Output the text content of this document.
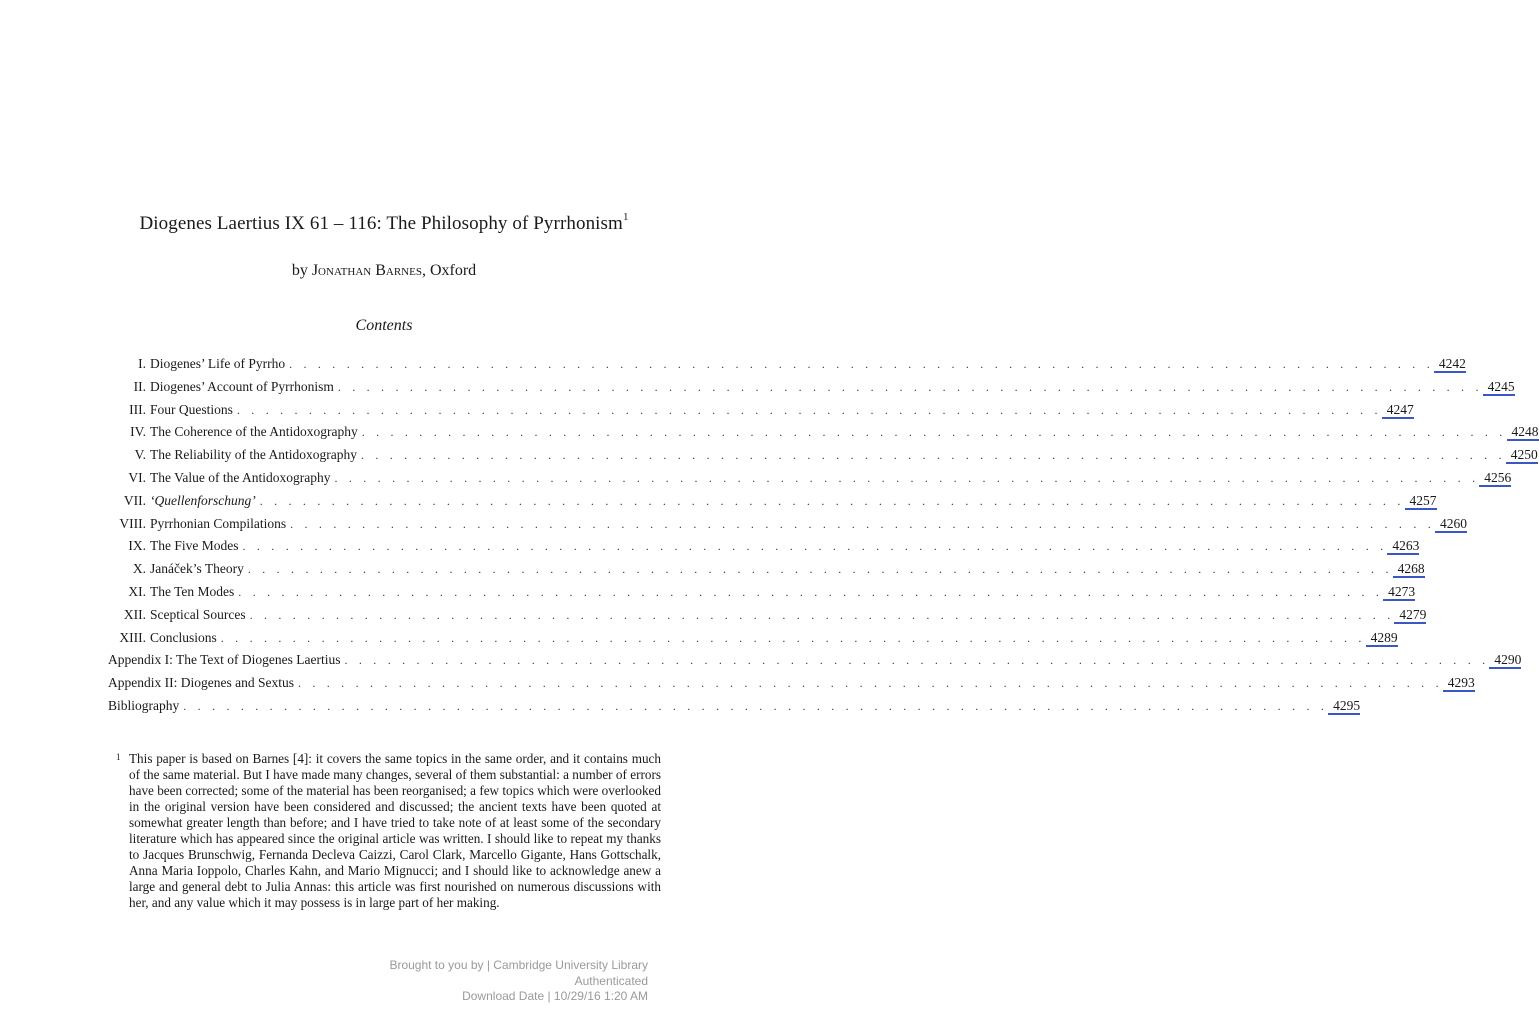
Diogenes Laertius IX 61 – 116: The Philosophy of Pyrrhonism$^1$
by Jonathan Barnes, Oxford
Contents
I. Diogenes’ Life of Pyrrho . . . . . . . . . . . . . . . . . . . . . . . . . . . . . . . . . . . . . . . . . . . . . . . . . . . . . . . . . . . . . . . . . . . . . . . . . . . . . . . . 4242
II. Diogenes’ Account of Pyrrhonism . . . . . . . . . . . . . . . . . . . . . . . . . . . . . . . . . . . . . . . . . . . . . . . . . . . . . . . . . . . . . . . . . . . . . . . . . . . . . . . . 4245
III. Four Questions . . . . . . . . . . . . . . . . . . . . . . . . . . . . . . . . . . . . . . . . . . . . . . . . . . . . . . . . . . . . . . . . . . . . . . . . . . . . . . . . 4247
IV. The Coherence of the Antidoxography . . . . . . . . . . . . . . . . . . . . . . . . . . . . . . . . . . . . . . . . . . . . . . . . . . . . . . . . . . . . . . . . . . . . . . . . . . . . . . . . 4248
V. The Reliability of the Antidoxography . . . . . . . . . . . . . . . . . . . . . . . . . . . . . . . . . . . . . . . . . . . . . . . . . . . . . . . . . . . . . . . . . . . . . . . . . . . . . . . . 4250
VI. The Value of the Antidoxography . . . . . . . . . . . . . . . . . . . . . . . . . . . . . . . . . . . . . . . . . . . . . . . . . . . . . . . . . . . . . . . . . . . . . . . . . . . . . . . . 4256
VII. ‘Quellenforschung’ . . . . . . . . . . . . . . . . . . . . . . . . . . . . . . . . . . . . . . . . . . . . . . . . . . . . . . . . . . . . . . . . . . . . . . . . . . . . . . . . 4257
VIII. Pyrrhonian Compilations . . . . . . . . . . . . . . . . . . . . . . . . . . . . . . . . . . . . . . . . . . . . . . . . . . . . . . . . . . . . . . . . . . . . . . . . . . . . . . . . 4260
IX. The Five Modes . . . . . . . . . . . . . . . . . . . . . . . . . . . . . . . . . . . . . . . . . . . . . . . . . . . . . . . . . . . . . . . . . . . . . . . . . . . . . . . . 4263
X. Janáček’s Theory . . . . . . . . . . . . . . . . . . . . . . . . . . . . . . . . . . . . . . . . . . . . . . . . . . . . . . . . . . . . . . . . . . . . . . . . . . . . . . . . 4268
XI. The Ten Modes . . . . . . . . . . . . . . . . . . . . . . . . . . . . . . . . . . . . . . . . . . . . . . . . . . . . . . . . . . . . . . . . . . . . . . . . . . . . . . . . 4273
XII. Sceptical Sources . . . . . . . . . . . . . . . . . . . . . . . . . . . . . . . . . . . . . . . . . . . . . . . . . . . . . . . . . . . . . . . . . . . . . . . . . . . . . . . . 4279
XIII. Conclusions . . . . . . . . . . . . . . . . . . . . . . . . . . . . . . . . . . . . . . . . . . . . . . . . . . . . . . . . . . . . . . . . . . . . . . . . . . . . . . . . 4289
Appendix I: The Text of Diogenes Laertius . . . . . . . . . . . . . . . . . . . . . . . . . . . . . . . . . . . . . . . . . . . . . . . . . . . . . . . . . . . . . . . . . . . . . . . . . . . . . . . . 4290
Appendix II: Diogenes and Sextus . . . . . . . . . . . . . . . . . . . . . . . . . . . . . . . . . . . . . . . . . . . . . . . . . . . . . . . . . . . . . . . . . . . . . . . . . . . . . . . . 4293
Bibliography . . . . . . . . . . . . . . . . . . . . . . . . . . . . . . . . . . . . . . . . . . . . . . . . . . . . . . . . . . . . . . . . . . . . . . . . . . . . . . . . 4295
1 This paper is based on Barnes [4]: it covers the same topics in the same order, and it contains much of the same material. But I have made many changes, several of them substantial: a number of errors have been corrected; some of the material has been reorganised; a few topics which were overlooked in the original version have been considered and discussed; the ancient texts have been quoted at somewhat greater length than before; and I have tried to take note of at least some of the secondary literature which has appeared since the original article was written. I should like to repeat my thanks to Jacques Brunschwig, Fernanda Decleva Caizzi, Carol Clark, Marcello Gigante, Hans Gottschalk, Anna Maria Ioppolo, Charles Kahn, and Mario Mignucci; and I should like to acknowledge anew a large and general debt to Julia Annas: this article was first nourished on numerous discussions with her, and any value which it may possess is in large part of her making.
Brought to you by | Cambridge University Library
Authenticated
Download Date | 10/29/16 1:20 AM
